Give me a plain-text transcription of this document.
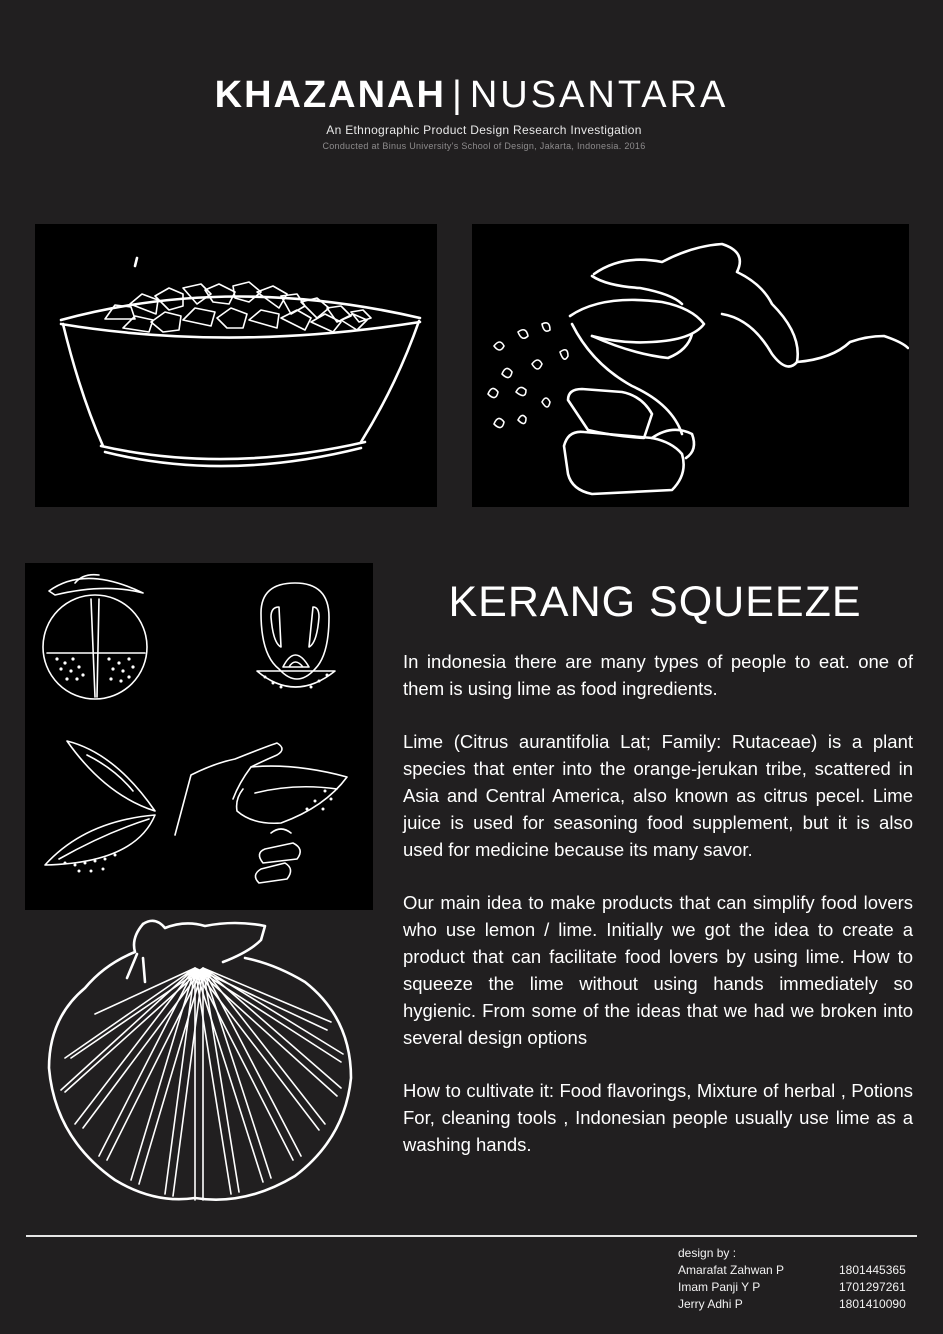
KHAZANAH | NUSANTARA
An Ethnographic Product Design Research Investigation
Conducted at Binus University's School of Design, Jakarta, Indonesia. 2016
KERANG SQUEEZE

In indonesia there are many types of people to eat. one of them is using lime as food ingredients.

Lime (Citrus aurantifolia Lat; Family: Rutaceae) is a plant species that enter into the orange-jerukan tribe, scattered in Asia and Central America, also known as citrus pecel. Lime juice is used for seasoning food supplement, but it is also used for medicine because its many savor.

Our main idea to make products that can simplify food lovers who use lemon / lime. Initially we got the idea to create a product that can facilitate food lovers by using lime. How to squeeze the lime without using hands immediately so hygienic. From some of the ideas that we had we broken into several design options

How to cultivate it: Food flavorings, Mixture of herbal , Potions For, cleaning tools , Indonesian people usually use lime as a washing hands.

design by :
Amarafat Zahwan P	1801445365
Imam Panji Y P	1701297261
Jerry Adhi P	1801410090
